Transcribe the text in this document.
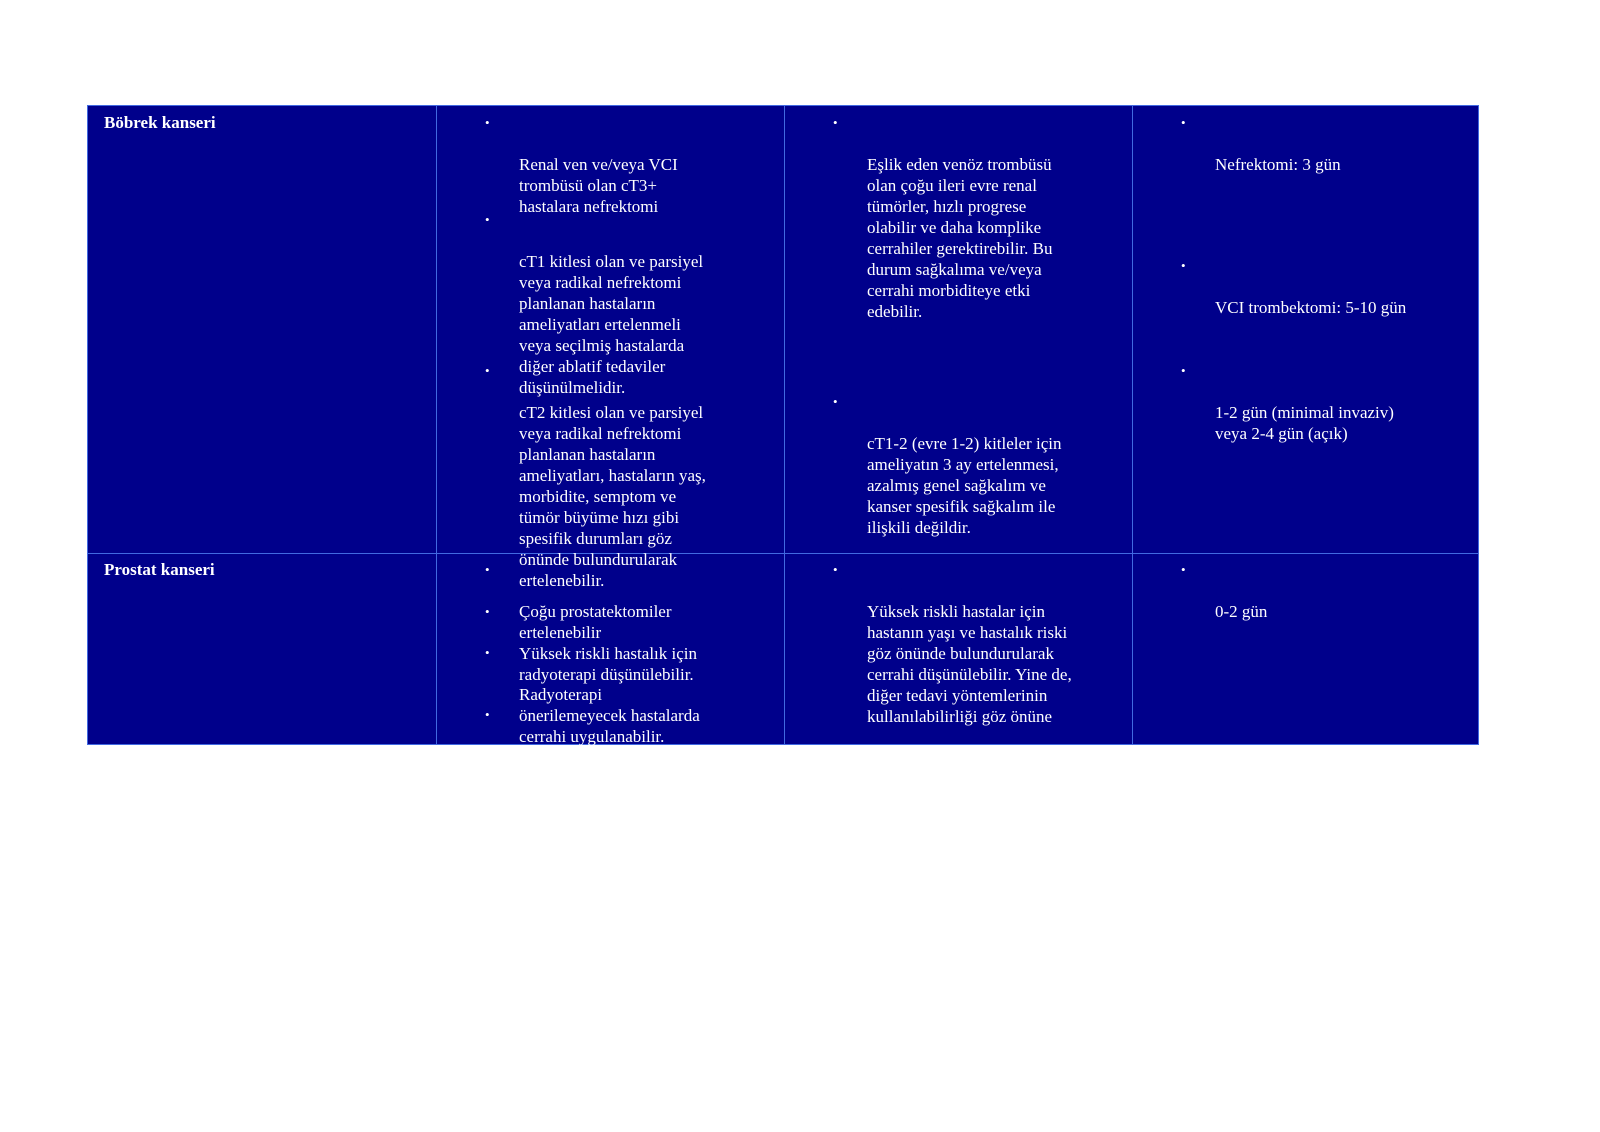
Böbrek kanseri	•

Renal ven ve/veya VCI
trombüsü olan cT3+
hastalara nefrektomi

•

cT1 kitlesi olan ve parsiyel
veya radikal nefrektomi
planlanan hastaların
ameliyatları ertelenmeli
veya seçilmiş hastalarda
diğer ablatif tedaviler
düşünülmelidir.

•

cT2 kitlesi olan ve parsiyel
veya radikal nefrektomi
planlanan hastaların
ameliyatları, hastaların yaş,
morbidite, semptom ve
tümör büyüme hızı gibi
spesifik durumları göz
önünde bulundurularak
ertelenebilir.

•

Eşlik eden venöz trombüsü
olan çoğu ileri evre renal
tümörler, hızlı progrese
olabilir ve daha komplike
cerrahiler gerektirebilir. Bu
durum sağkalıma ve/veya
cerrahi morbiditeye etki
edebilir.

•

cT1-2 (evre 1-2) kitleler için
ameliyatın 3 ay ertelenmesi,
azalmış genel sağkalım ve
kanser spesifik sağkalım ile
ilişkili değildir.

•

Nefrektomi: 3 gün

•

VCI trombektomi: 5-10 gün

•

1-2 gün (minimal invaziv)
veya 2-4 gün (açık)

Prostat kanseri	•

Çoğu prostatektomiler
ertelenebilir

•

Yüksek riskli hastalık için
radyoterapi düşünülebilir.

•

Radyoterapi
önerilemeyecek hastalarda
cerrahi uygulanabilir.

•

Düşük ve orta riskli hastalar ile
seçilmiş

•

Yüksek riskli hastalar için
hastanın yaşı ve hastalık riski
göz önünde bulundurularak
cerrahi düşünülebilir. Yine de,
diğer tedavi yöntemlerinin
kullanılabilirliği göz önüne

•

0-2 gün
